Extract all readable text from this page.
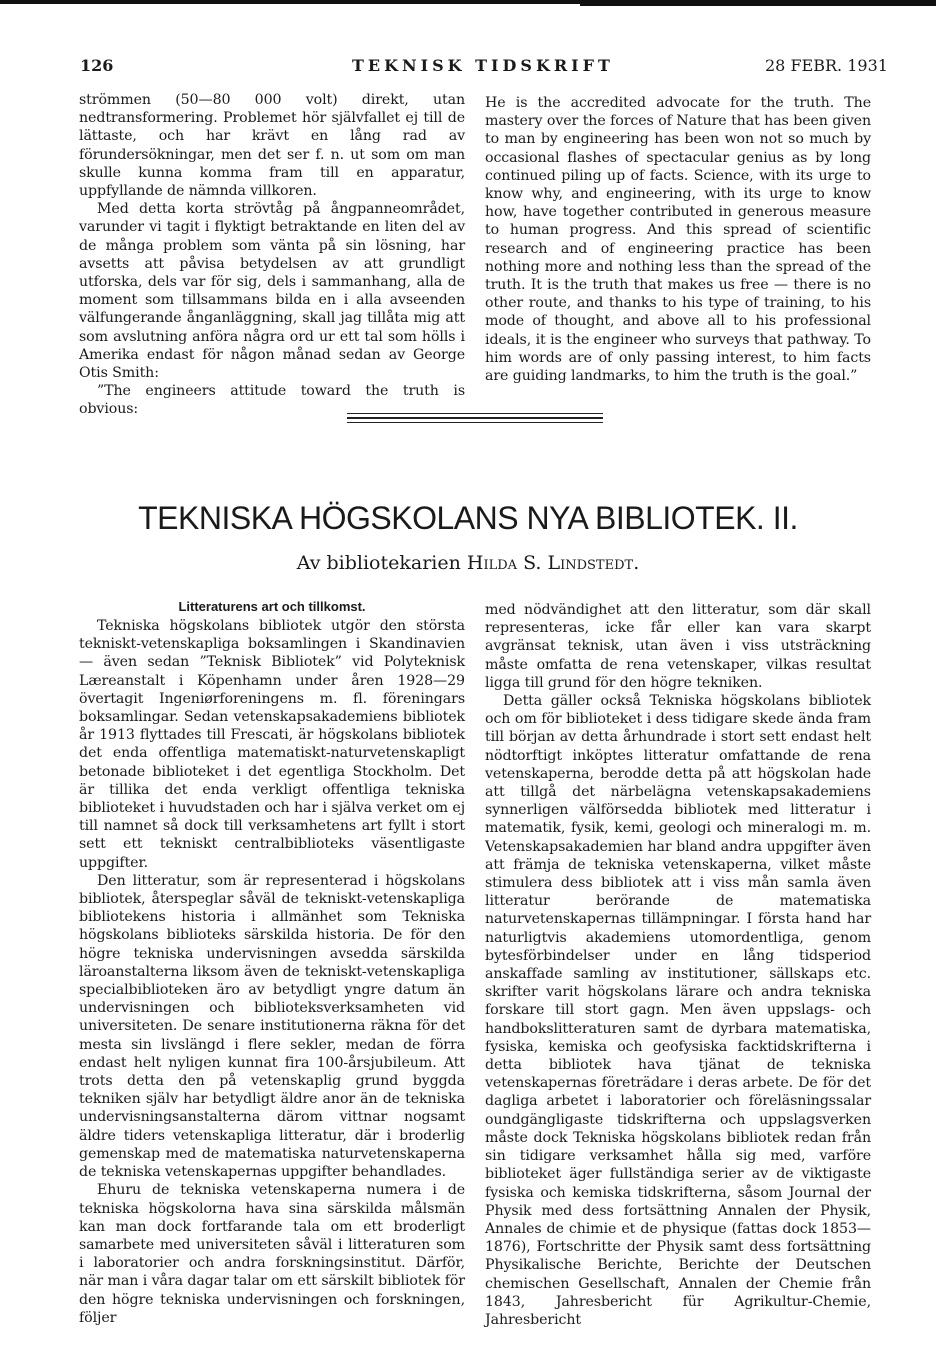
126	TEKNISK TIDSKRIFT	28 FEBR. 1931

strömmen (50—80 000 volt) direkt, utan nedtransformering. Problemet hör självfallet ej till de lättaste, och har krävt en lång rad av förundersökningar, men det ser f. n. ut som om man skulle kunna komma fram till en apparatur, uppfyllande de nämnda villkoren.

Med detta korta strövtåg på ångpanneområdet, varunder vi tagit i flyktigt betraktande en liten del av de många problem som vänta på sin lösning, har avsetts att påvisa betydelsen av att grundligt utforska, dels var för sig, dels i sammanhang, alla de moment som tillsammans bilda en i alla avseenden välfungerande ånganläggning, skall jag tillåta mig att som avslutning anföra några ord ur ett tal som hölls i Amerika endast för någon månad sedan av George Otis Smith:

”The engineers attitude toward the truth is obvious:

He is the accredited advocate for the truth. The mastery over the forces of Nature that has been given to man by engineering has been won not so much by occasional flashes of spectacular genius as by long continued piling up of facts. Science, with its urge to know why, and engineering, with its urge to know how, have together contributed in generous measure to human progress. And this spread of scientific research and of engineering practice has been nothing more and nothing less than the spread of the truth. It is the truth that makes us free — there is no other route, and thanks to his type of training, to his mode of thought, and above all to his professional ideals, it is the engineer who surveys that pathway. To him words are of only passing interest, to him facts are guiding landmarks, to him the truth is the goal.”

TEKNISKA HÖGSKOLANS NYA BIBLIOTEK. II.

Av bibliotekarien Hilda S. Lindstedt.

Litteraturens art och tillkomst.

Tekniska högskolans bibliotek utgör den största tekniskt-vetenskapliga boksamlingen i Skandinavien — även sedan ”Teknisk Bibliotek” vid Polyteknisk Læreanstalt i Köpenhamn under åren 1928—29 övertagit Ingeniørforeningens m. fl. föreningars boksamlingar. Sedan vetenskapsakademiens bibliotek år 1913 flyttades till Frescati, är högskolans bibliotek det enda offentliga matematiskt-naturvetenskapligt betonade biblioteket i det egentliga Stockholm. Det är tillika det enda verkligt offentliga tekniska biblioteket i huvudstaden och har i själva verket om ej till namnet så dock till verksamhetens art fyllt i stort sett ett tekniskt centralbiblioteks väsentligaste uppgifter.

Den litteratur, som är representerad i högskolans bibliotek, återspeglar såväl de tekniskt-vetenskapliga bibliotekens historia i allmänhet som Tekniska högskolans biblioteks särskilda historia. De för den högre tekniska undervisningen avsedda särskilda läroanstalterna liksom även de tekniskt-vetenskapliga specialbiblioteken äro av betydligt yngre datum än undervisningen och biblioteksverksamheten vid universiteten. De senare institutionerna räkna för det mesta sin livslängd i flere sekler, medan de förra endast helt nyligen kunnat fira 100-årsjubileum. Att trots detta den på vetenskaplig grund byggda tekniken själv har betydligt äldre anor än de tekniska undervisningsanstalterna därom vittnar nogsamt äldre tiders vetenskapliga litteratur, där i broderlig gemenskap med de matematiska naturvetenskaperna de tekniska vetenskapernas uppgifter behandlades.

Ehuru de tekniska vetenskaperna numera i de tekniska högskolorna hava sina särskilda målsmän kan man dock fortfarande tala om ett broderligt samarbete med universiteten såväl i litteraturen som i laboratorier och andra forskningsinstitut. Därför, när man i våra dagar talar om ett särskilt bibliotek för den högre tekniska undervisningen och forskningen, följer

med nödvändighet att den litteratur, som där skall representeras, icke får eller kan vara skarpt avgränsat teknisk, utan även i viss utsträckning måste omfatta de rena vetenskaper, vilkas resultat ligga till grund för den högre tekniken.

Detta gäller också Tekniska högskolans bibliotek och om för biblioteket i dess tidigare skede ända fram till början av detta århundrade i stort sett endast helt nödtorftigt inköptes litteratur omfattande de rena vetenskaperna, berodde detta på att högskolan hade att tillgå det närbelägna vetenskapsakademiens synnerligen välförsedda bibliotek med litteratur i matematik, fysik, kemi, geologi och mineralogi m. m. Vetenskapsakademien har bland andra uppgifter även att främja de tekniska vetenskaperna, vilket måste stimulera dess bibliotek att i viss mån samla även litteratur berörande de matematiska naturvetenskapernas tillämpningar. I första hand har naturligtvis akademiens utomordentliga, genom bytesförbindelser under en lång tidsperiod anskaffade samling av institutioner, sällskaps etc. skrifter varit högskolans lärare och andra tekniska forskare till stort gagn. Men även uppslags- och handbokslitteraturen samt de dyrbara matematiska, fysiska, kemiska och geofysiska facktidskrifterna i detta bibliotek hava tjänat de tekniska vetenskapernas företrädare i deras arbete. De för det dagliga arbetet i laboratorier och föreläsningssalar oundgängligaste tidskrifterna och uppslagsverken måste dock Tekniska högskolans bibliotek redan från sin tidigare verksamhet hålla sig med, varföre biblioteket äger fullständiga serier av de viktigaste fysiska och kemiska tidskrifterna, såsom Journal der Physik med dess fortsättning Annalen der Physik, Annales de chimie et de physique (fattas dock 1853—1876), Fortschritte der Physik samt dess fortsättning Physikalische Berichte, Berichte der Deutschen chemischen Gesellschaft, Annalen der Chemie från 1843, Jahresbericht für Agrikultur-Chemie, Jahresbericht
